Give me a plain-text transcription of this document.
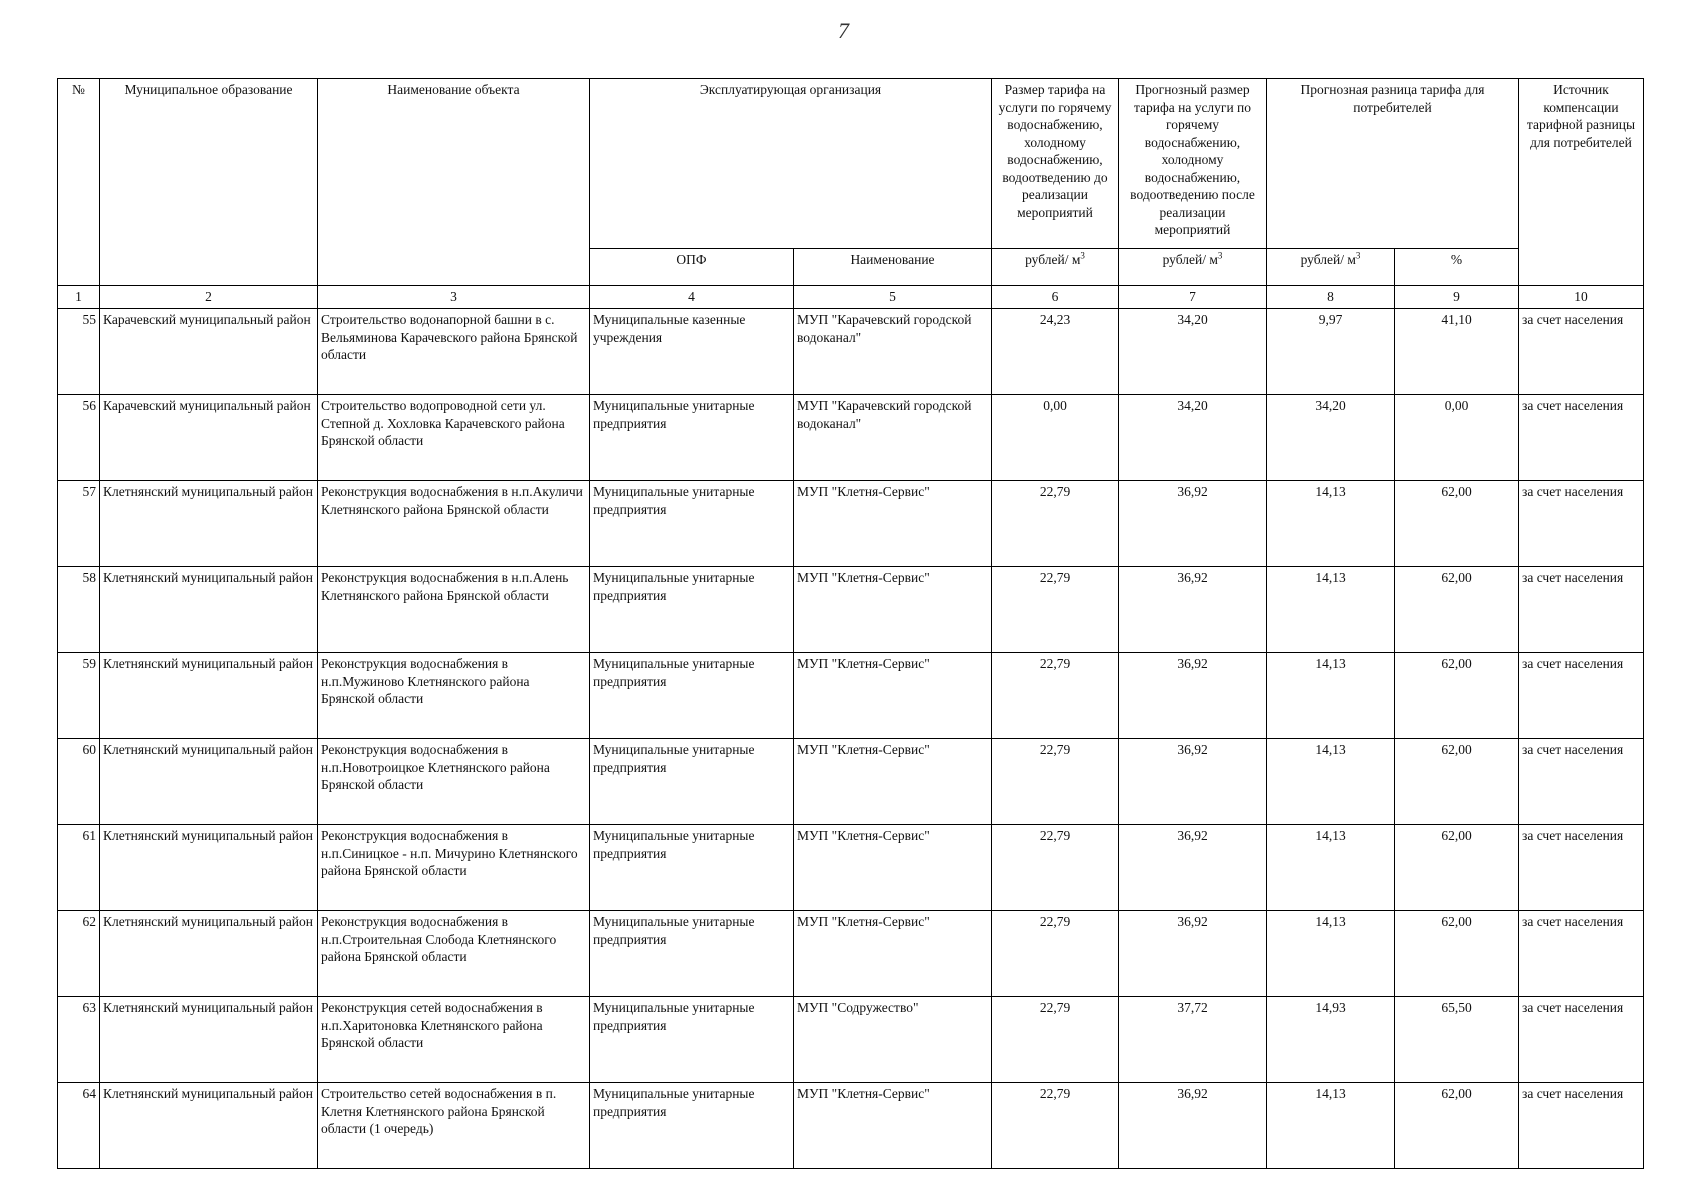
7
№	Муниципальное образование	Наименование объекта	Эксплуатирующая организация		Размер тарифа на услуги по горячему водоснабжению, холодному водоснабжению, водоотведению до реализации мероприятий	Прогнозный размер тарифа на услуги по горячему водоснабжению, холодному водоснабжению, водоотведению после реализации мероприятий	Прогнозная разница тарифа для потребителей		Источник компенсации тарифной разницы для потребителей
			ОПФ	Наименование	рублей/ $м^3$	рублей/ $м^3$	рублей/ $м^3$	%	
1	2	3	4	5	6	7	8	9	10
55	Карачевский муниципальный район	Строительство водонапорной башни в с. Вельяминова Карачевского района Брянской области	Муниципальные казенные учреждения	МУП "Карачевский городской водоканал"	24,23	34,20	9,97	41,10	за счет населения
56	Карачевский муниципальный район	Строительство водопроводной сети ул. Степной д. Хохловка Карачевского района Брянской области	Муниципальные унитарные предприятия	МУП "Карачевский городской водоканал"	0,00	34,20	34,20	0,00	за счет населения
57	Клетнянский муниципальный район	Реконструкция водоснабжения в н.п.Акуличи Клетнянского района Брянской области	Муниципальные унитарные предприятия	МУП "Клетня-Сервис"	22,79	36,92	14,13	62,00	за счет населения
58	Клетнянский муниципальный район	Реконструкция водоснабжения в н.п.Алень Клетнянского района Брянской области	Муниципальные унитарные предприятия	МУП "Клетня-Сервис"	22,79	36,92	14,13	62,00	за счет населения
59	Клетнянский муниципальный район	Реконструкция водоснабжения в н.п.Мужиново Клетнянского района Брянской области	Муниципальные унитарные предприятия	МУП "Клетня-Сервис"	22,79	36,92	14,13	62,00	за счет населения
60	Клетнянский муниципальный район	Реконструкция водоснабжения в н.п.Новотроицкое Клетнянского района Брянской области	Муниципальные унитарные предприятия	МУП "Клетня-Сервис"	22,79	36,92	14,13	62,00	за счет населения
61	Клетнянский муниципальный район	Реконструкция водоснабжения в н.п.Синицкое - н.п. Мичурино Клетнянского района Брянской области	Муниципальные унитарные предприятия	МУП "Клетня-Сервис"	22,79	36,92	14,13	62,00	за счет населения
62	Клетнянский муниципальный район	Реконструкция водоснабжения в н.п.Строительная Слобода Клетнянского района Брянской области	Муниципальные унитарные предприятия	МУП "Клетня-Сервис"	22,79	36,92	14,13	62,00	за счет населения
63	Клетнянский муниципальный район	Реконструкция сетей водоснабжения в н.п.Харитоновка Клетнянского района Брянской области	Муниципальные унитарные предприятия	МУП "Содружество"	22,79	37,72	14,93	65,50	за счет населения
64	Клетнянский муниципальный район	Строительство сетей водоснабжения в п. Клетня Клетнянского района Брянской области (1 очередь)	Муниципальные унитарные предприятия	МУП "Клетня-Сервис"	22,79	36,92	14,13	62,00	за счет населения
